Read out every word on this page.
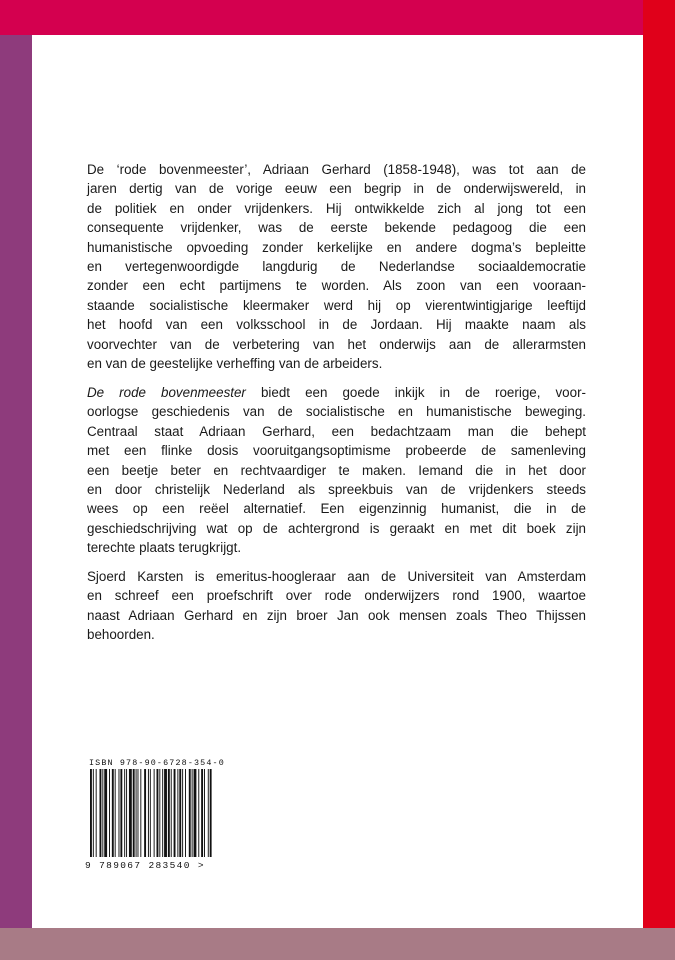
De ‘rode bovenmeester’, Adriaan Gerhard (1858-1948), was tot aan de
jaren dertig van de vorige eeuw een begrip in de onderwijswereld, in
de politiek en onder vrijdenkers. Hij ontwikkelde zich al jong tot een
consequente vrijdenker, was de eerste bekende pedagoog die een
humanistische opvoeding zonder kerkelijke en andere dogma’s bepleitte
en vertegenwoordigde langdurig de Nederlandse sociaaldemocratie
zonder een echt partijmens te worden. Als zoon van een vooraan-
staande socialistische kleermaker werd hij op vierentwintigjarige leeftijd
het hoofd van een volksschool in de Jordaan. Hij maakte naam als
voorvechter van de verbetering van het onderwijs aan de allerarmsten
en van de geestelijke verheffing van de arbeiders.
De rode bovenmeester biedt een goede inkijk in de roerige, voor-
oorlogse geschiedenis van de socialistische en humanistische beweging.
Centraal staat Adriaan Gerhard, een bedachtzaam man die behept
met een flinke dosis vooruitgangsoptimisme probeerde de samenleving
een beetje beter en rechtvaardiger te maken. Iemand die in het door
en door christelijk Nederland als spreekbuis van de vrijdenkers steeds
wees op een reëel alternatief. Een eigenzinnig humanist, die in de
geschiedschrijving wat op de achtergrond is geraakt en met dit boek zijn
terechte plaats terugkrijgt.
Sjoerd Karsten is emeritus-hoogleraar aan de Universiteit van Amsterdam
en schreef een proefschrift over rode onderwijzers rond 1900, waartoe
naast Adriaan Gerhard en zijn broer Jan ook mensen zoals Theo Thijssen
behoorden.
ISBN 978-90-6728-354-0
9 789067 283540 >
